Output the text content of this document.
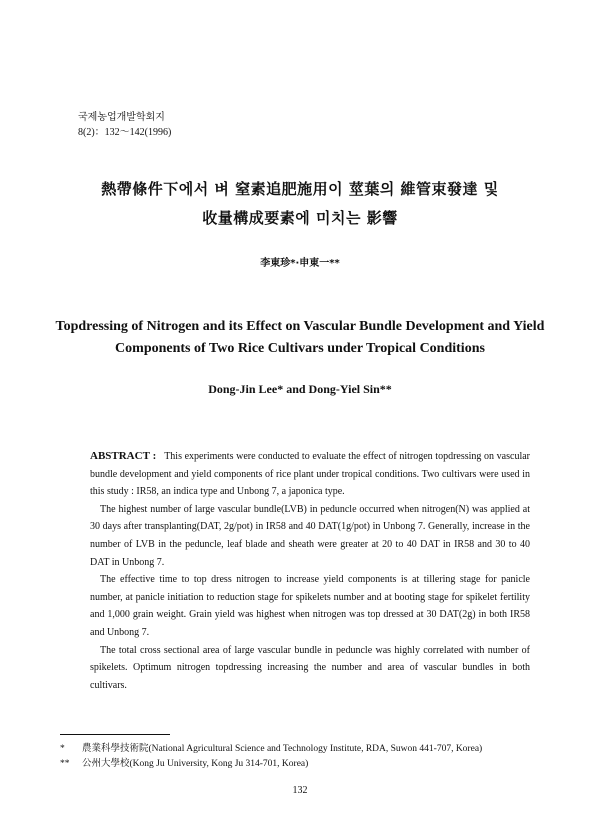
국제농업개발학회지
8(2)：132～142(1996)
熱帶條件下에서 벼 窒素追肥施用이 莖葉의 維管束發達 및
收量構成要素에 미치는 影響
李東珍*·申東一**
Topdressing of Nitrogen and its Effect on Vascular Bundle Development and Yield
Components of Two Rice Cultivars under Tropical Conditions
Dong-Jin Lee* and Dong-Yiel Sin**

ABSTRACT : This experiments were conducted to evaluate the effect of nitrogen topdressing on vascular bundle development and yield components of rice plant under tropical conditions. Two cultivars were used in this study : IR58, an indica type and Unbong 7, a japonica type.

The highest number of large vascular bundle(LVB) in peduncle occurred when nitrogen(N) was applied at 30 days after transplanting(DAT, 2g/pot) in IR58 and 40 DAT(1g/pot) in Unbong 7. Generally, increase in the number of LVB in the peduncle, leaf blade and sheath were greater at 20 to 40 DAT in IR58 and 30 to 40 DAT in Unbong 7.

The effective time to top dress nitrogen to increase yield components is at tillering stage for panicle number, at panicle initiation to reduction stage for spikelets number and at booting stage for spikelet fertility and 1,000 grain weight. Grain yield was highest when nitrogen was top dressed at 30 DAT(2g) in both IR58 and Unbong 7.

The total cross sectional area of large vascular bundle in peduncle was highly correlated with number of spikelets. Optimum nitrogen topdressing increasing the number and area of vascular bundles in both cultivars.

*	農業科學技術院(National Agricultural Science and Technology Institute, RDA, Suwon 441-707, Korea)
**	公州大學校(Kong Ju University, Kong Ju 314-701, Korea)
132
